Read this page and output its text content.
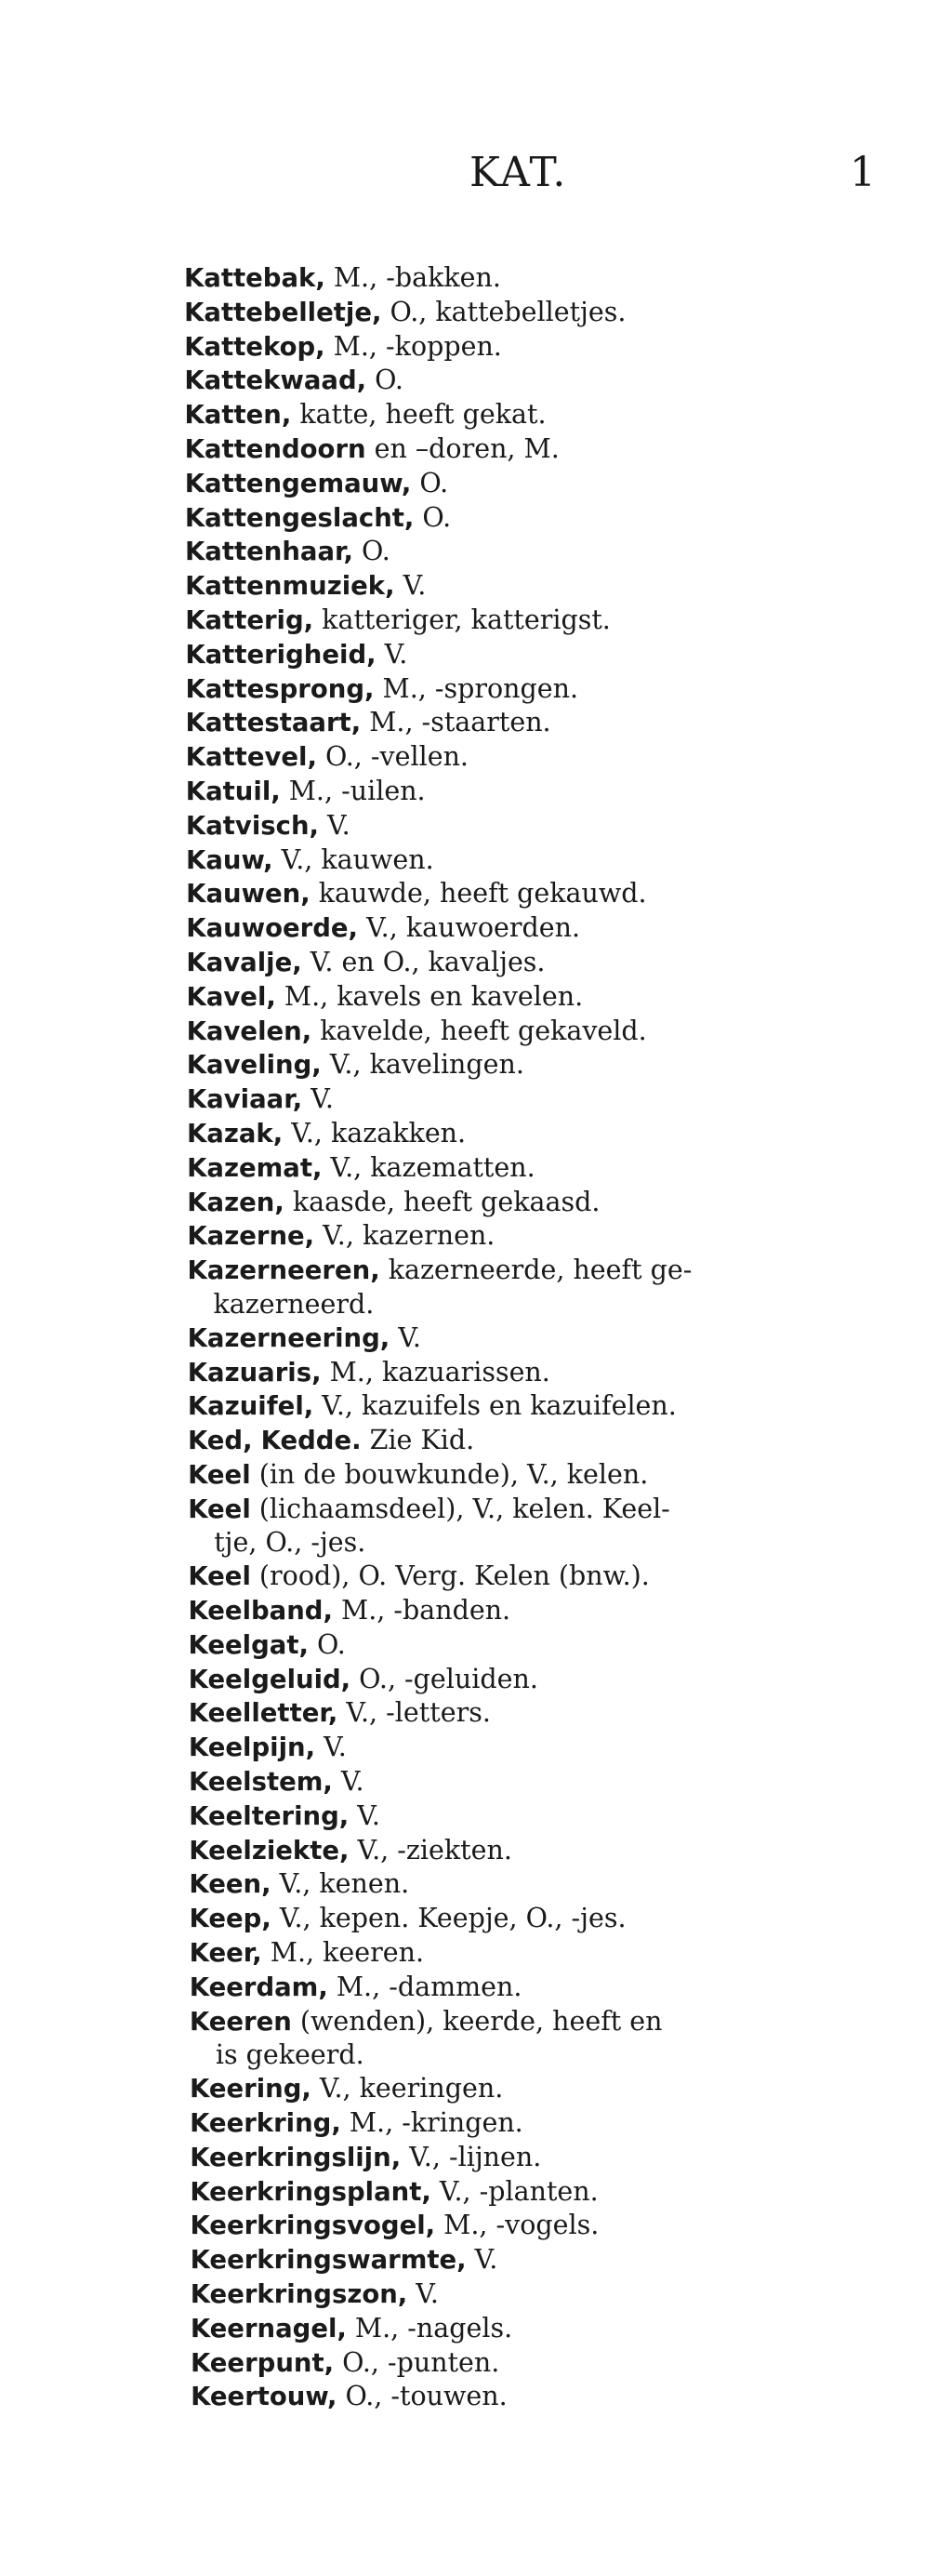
KAT.	1
Kattebak, M., -bakken.
Kattebelletje, O., kattebelletjes.
Kattekop, M., -koppen.
Kattekwaad, O.
Katten, katte, heeft gekat.
Kattendoorn en –doren, M.
Kattengemauw, O.
Kattengeslacht, O.
Kattenhaar, O.
Kattenmuziek, V.
Katterig, katteriger, katterigst.
Katterigheid, V.
Kattesprong, M., -sprongen.
Kattestaart, M., -staarten.
Kattevel, O., -vellen.
Katuil, M., -uilen.
Katvisch, V.
Kauw, V., kauwen.
Kauwen, kauwde, heeft gekauwd.
Kauwoerde, V., kauwoerden.
Kavalje, V. en O., kavaljes.
Kavel, M., kavels en kavelen.
Kavelen, kavelde, heeft gekaveld.
Kaveling, V., kavelingen.
Kaviaar, V.
Kazak, V., kazakken.
Kazemat, V., kazematten.
Kazen, kaasde, heeft gekaasd.
Kazerne, V., kazernen.
Kazerneeren, kazerneerde, heeft ge-
kazerneerd.
Kazerneering, V.
Kazuaris, M., kazuarissen.
Kazuifel, V., kazuifels en kazuifelen.
Ked, Kedde. Zie Kid.
Keel (in de bouwkunde), V., kelen.
Keel (lichaamsdeel), V., kelen. Keel-
tje, O., -jes.
Keel (rood), O. Verg. Kelen (bnw.).
Keelband, M., -banden.
Keelgat, O.
Keelgeluid, O., -geluiden.
Keelletter, V., -letters.
Keelpijn, V.
Keelstem, V.
Keeltering, V.
Keelziekte, V., -ziekten.
Keen, V., kenen.
Keep, V., kepen. Keepje, O., -jes.
Keer, M., keeren.
Keerdam, M., -dammen.
Keeren (wenden), keerde, heeft en
is gekeerd.
Keering, V., keeringen.
Keerkring, M., -kringen.
Keerkringslijn, V., -lijnen.
Keerkringsplant, V., -planten.
Keerkringsvogel, M., -vogels.
Keerkringswarmte, V.
Keerkringszon, V.
Keernagel, M., -nagels.
Keerpunt, O., -punten.
Keertouw, O., -touwen.
